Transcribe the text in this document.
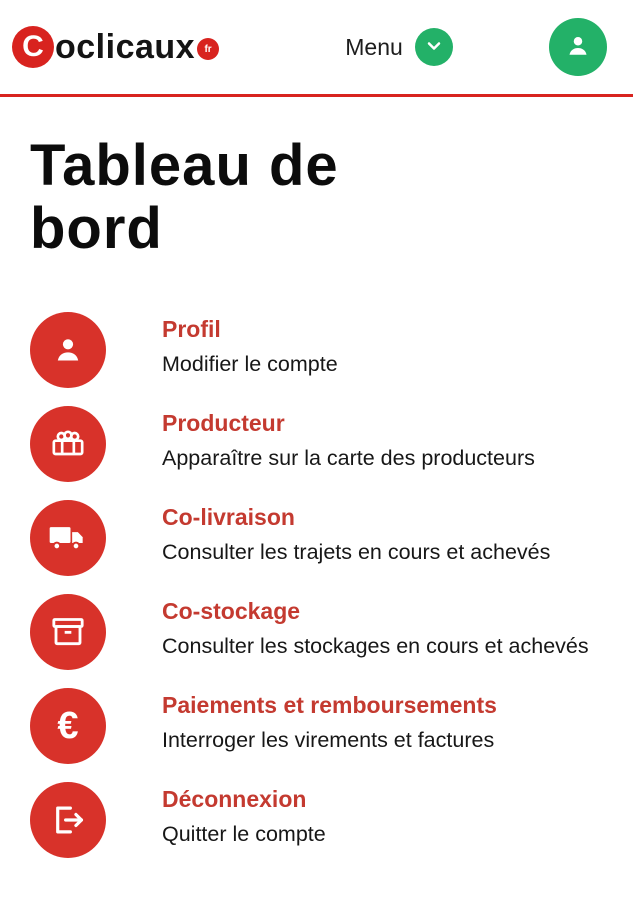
C oclicaux fr	Menu
Tableau de bord
Profil
Modifier le compte
Producteur
Apparaître sur la carte des producteurs
Co-livraison
Consulter les trajets en cours et achevés
Co-stockage
Consulter les stockages en cours et achevés
€	Paiements et remboursements
Interroger les virements et factures
Déconnexion
Quitter le compte
